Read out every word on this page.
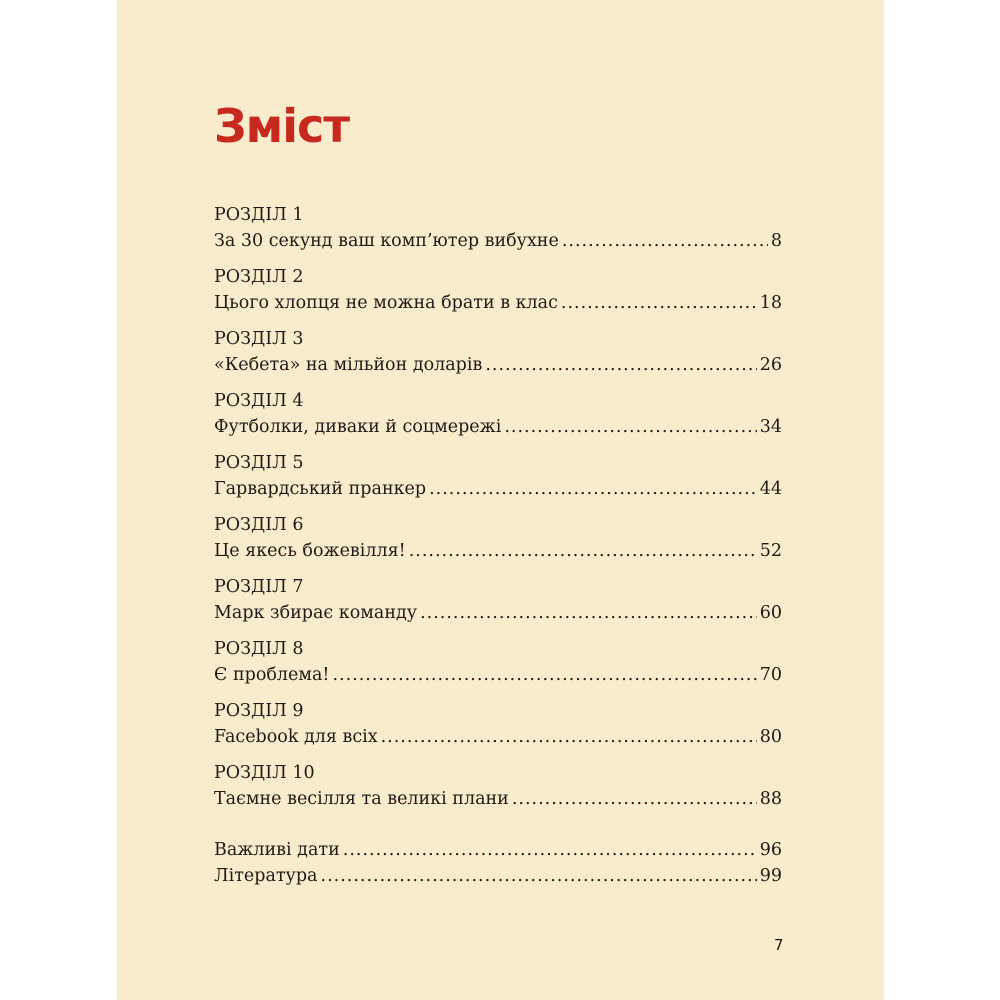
Зміст
РОЗДІЛ 1
За 30 секунд ваш комп’ютер вибухне .....	8
РОЗДІЛ 2
Цього хлопця не можна брати в клас .....	18
РОЗДІЛ 3
«Кебета» на мільйон доларів .....	26
РОЗДІЛ 4
Футболки, диваки й соцмережі .....	34
РОЗДІЛ 5
Гарвардський пранкер .....	44
РОЗДІЛ 6
Це якесь божевілля! .....	52
РОЗДІЛ 7
Марк збирає команду .....	60
РОЗДІЛ 8
Є проблема! .....	70
РОЗДІЛ 9
Facebook для всіх .....	80
РОЗДІЛ 10
Таємне весілля та великі плани .....	88
Важливі дати .....	96
Література .....	99
7
